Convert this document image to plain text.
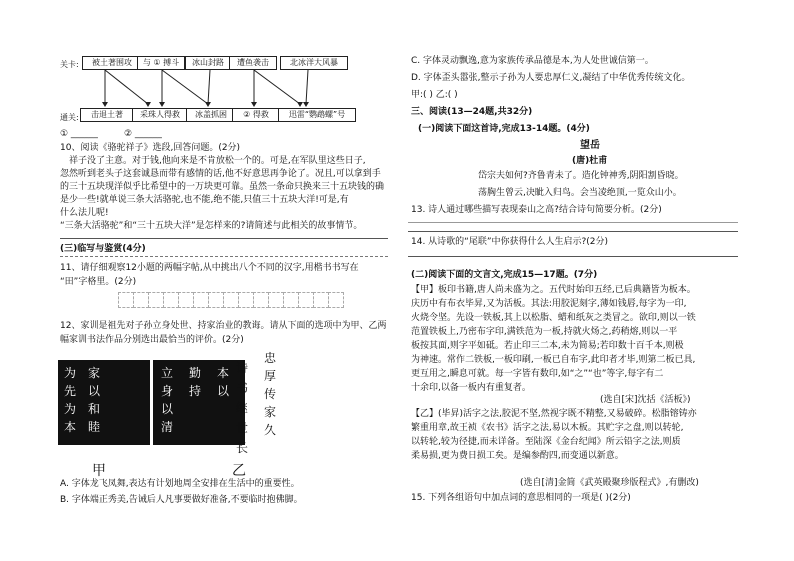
关卡:	被土著围攻	与 ① 搏斗	冰山封路	遭鱼袭击	北冰洋大风暴
通关:	击退土著	采珠人得救	冰盖抓困	② 得救	迅雷“鹦鹉螺”号
① ______	② ______
10、阅读《骆驼祥子》选段,回答问题。(2分)
祥子没了主意。对于钱,他向来是不肯放松一个的。可是,在军队里这些日子,
忽然听到老头子这套诚恳而带有感情的话,他不好意思再争论了。况且,可以拿到手
的三十五块现洋似乎比希望中的一万块更可靠。虽然一条命只换来三十五块钱的确
是少一些!就单说三条大活骆驼,也不能,绝不能,只值三十五块大洋!可是,有
什么法儿呢!
“三条大活骆驼”和“三十五块大洋”是怎样来的?请简述与此相关的故事情节。
(三)临写与鉴赏(4分)
11、请仔细观察12小题的两幅字帖,从中挑出八个不同的汉字,用楷书书写在
“田”字格里。(2分)
12、家训是祖先对子孙立身处世、持家治业的教诲。请从下面的选项中为甲、乙两
幅家训书法作品分别选出最恰当的评价。(2分)
为
先
为
本
家
以
和
睦
立
身
以
清
勤
持
本
以
忠
厚
传
家
久
诗
书
继
世
长
甲	乙
A. 字体龙飞凤舞,表达有计划地周全安排在生活中的重要性。
B. 字体端正秀美,告诫后人凡事要做好准备,不要临时抱佛脚。
C. 字体灵动飘逸,意为家族传承品德是本,为人处世诚信第一。
D. 字体歪头嚣张,整示子孙为人要忠厚仁义,凝结了中华优秀传统文化。
甲:( ) 乙:( )
三、阅读(13—24题,共32分)
(一)阅读下面这首诗,完成13-14题。(4分)
望岳
(唐)杜甫
岱宗夫如何?齐鲁青未了。造化钟神秀,阴阳割昏晓。
荡胸生曾云,决眦入归鸟。会当凌绝顶,一览众山小。
13. 诗人通过哪些描写表现泰山之高?结合诗句简要分析。(2分)
14. 从诗歌的“尾联”中你获得什么人生启示?(2分)
(二)阅读下面的文言文,完成15—17题。(7分)
【甲】板印书籍,唐人尚未盛为之。五代时始印五经,已后典籍皆为板本。
庆历中有布衣毕昇,又为活板。其法:用胶泥刻字,薄如钱唇,每字为一印,
火烧令坚。先设一铁板,其上以松脂、蜡和纸灰之类冒之。欲印,则以一铁
范置铁板上,乃密布字印,满铁范为一板,持就火炀之,药稍熔,则以一平
板按其面,则字平如砥。若止印三二本,未为简易;若印数十百千本,则极
为神速。常作二铁板,一板印刷,一板已自布字,此印者才毕,则第二板已具,
更互用之,瞬息可就。每一字皆有数印,如“之”“也”等字,每字有二
十余印,以备一板内有重复者。
(选自[宋]沈括《活板》)
【乙】(毕昇)活字之法,胶泥不坚,然视字既不精整,又易破碎。松脂镕铸亦
繁重用章,故王祯《农书》活字之法,易以木板。其贮字之盘,则以转轮,
以转轮,较为径捷,而未详备。至陆深《金台纪闻》所云铅字之法,则质
柔易损,更为费日损工矣。是编参酌四,而变通以新意。
(选自[清]金简《武英殿聚珍版程式》,有删改)
15. 下列各组语句中加点词的意思相同的一项是( )(2分)
